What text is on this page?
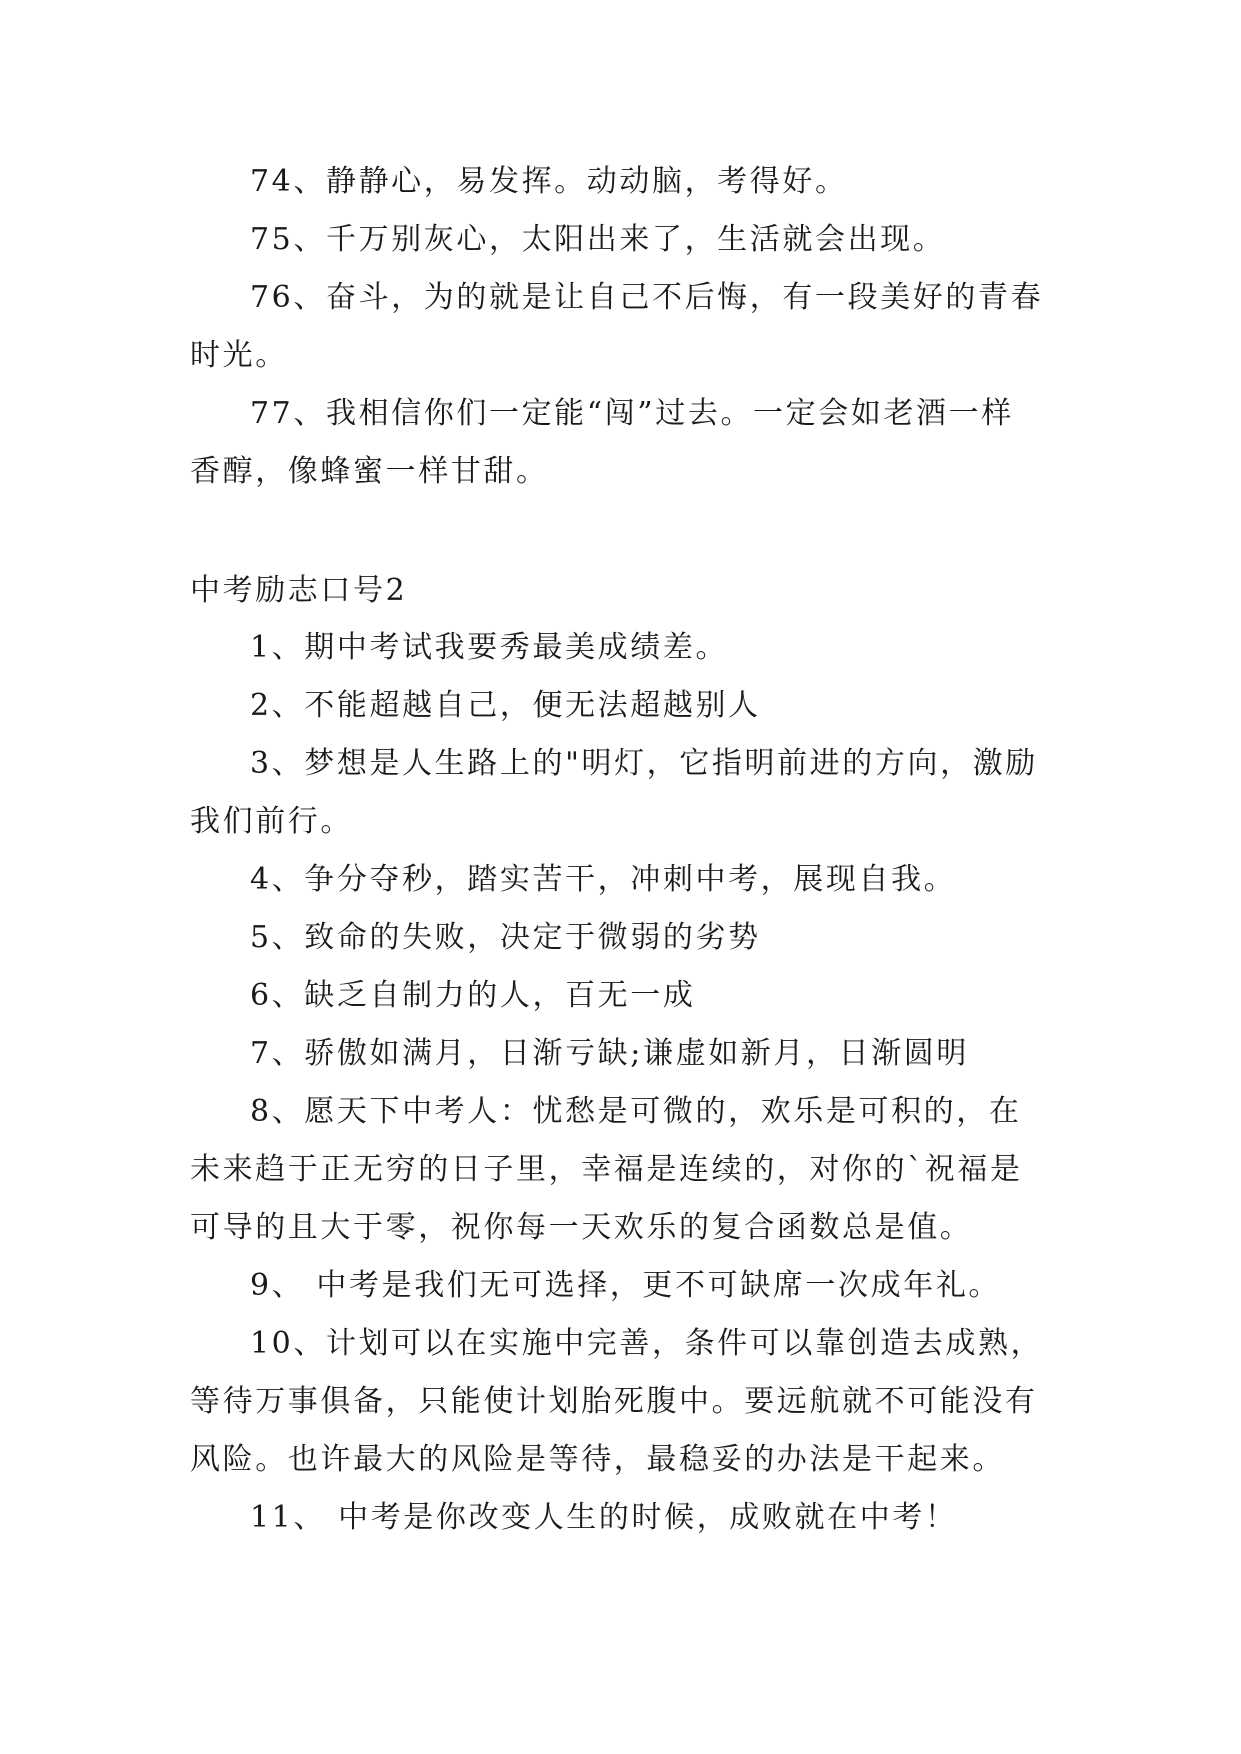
74、静静心，易发挥。动动脑，考得好。
75、千万别灰心，太阳出来了，生活就会出现。
76、奋斗，为的就是让自己不后悔，有一段美好的青春
时光。
77、我相信你们一定能“闯”过去。一定会如老酒一样
香醇，像蜂蜜一样甘甜。
中考励志口号2
1、期中考试我要秀最美成绩差。
2、不能超越自己，便无法超越别人
3、梦想是人生路上的"明灯，它指明前进的方向，激励
我们前行。
4、争分夺秒，踏实苦干，冲刺中考，展现自我。
5、致命的失败，决定于微弱的劣势
6、缺乏自制力的人，百无一成
7、骄傲如满月，日渐亏缺;谦虚如新月，日渐圆明
8、愿天下中考人：忧愁是可微的，欢乐是可积的，在
未来趋于正无穷的日子里，幸福是连续的，对你的`祝福是
可导的且大于零，祝你每一天欢乐的复合函数总是值。
9、 中考是我们无可选择，更不可缺席一次成年礼。
10、计划可以在实施中完善，条件可以靠创造去成熟，
等待万事俱备，只能使计划胎死腹中。要远航就不可能没有
风险。也许最大的风险是等待，最稳妥的办法是干起来。
11、 中考是你改变人生的时候，成败就在中考！
